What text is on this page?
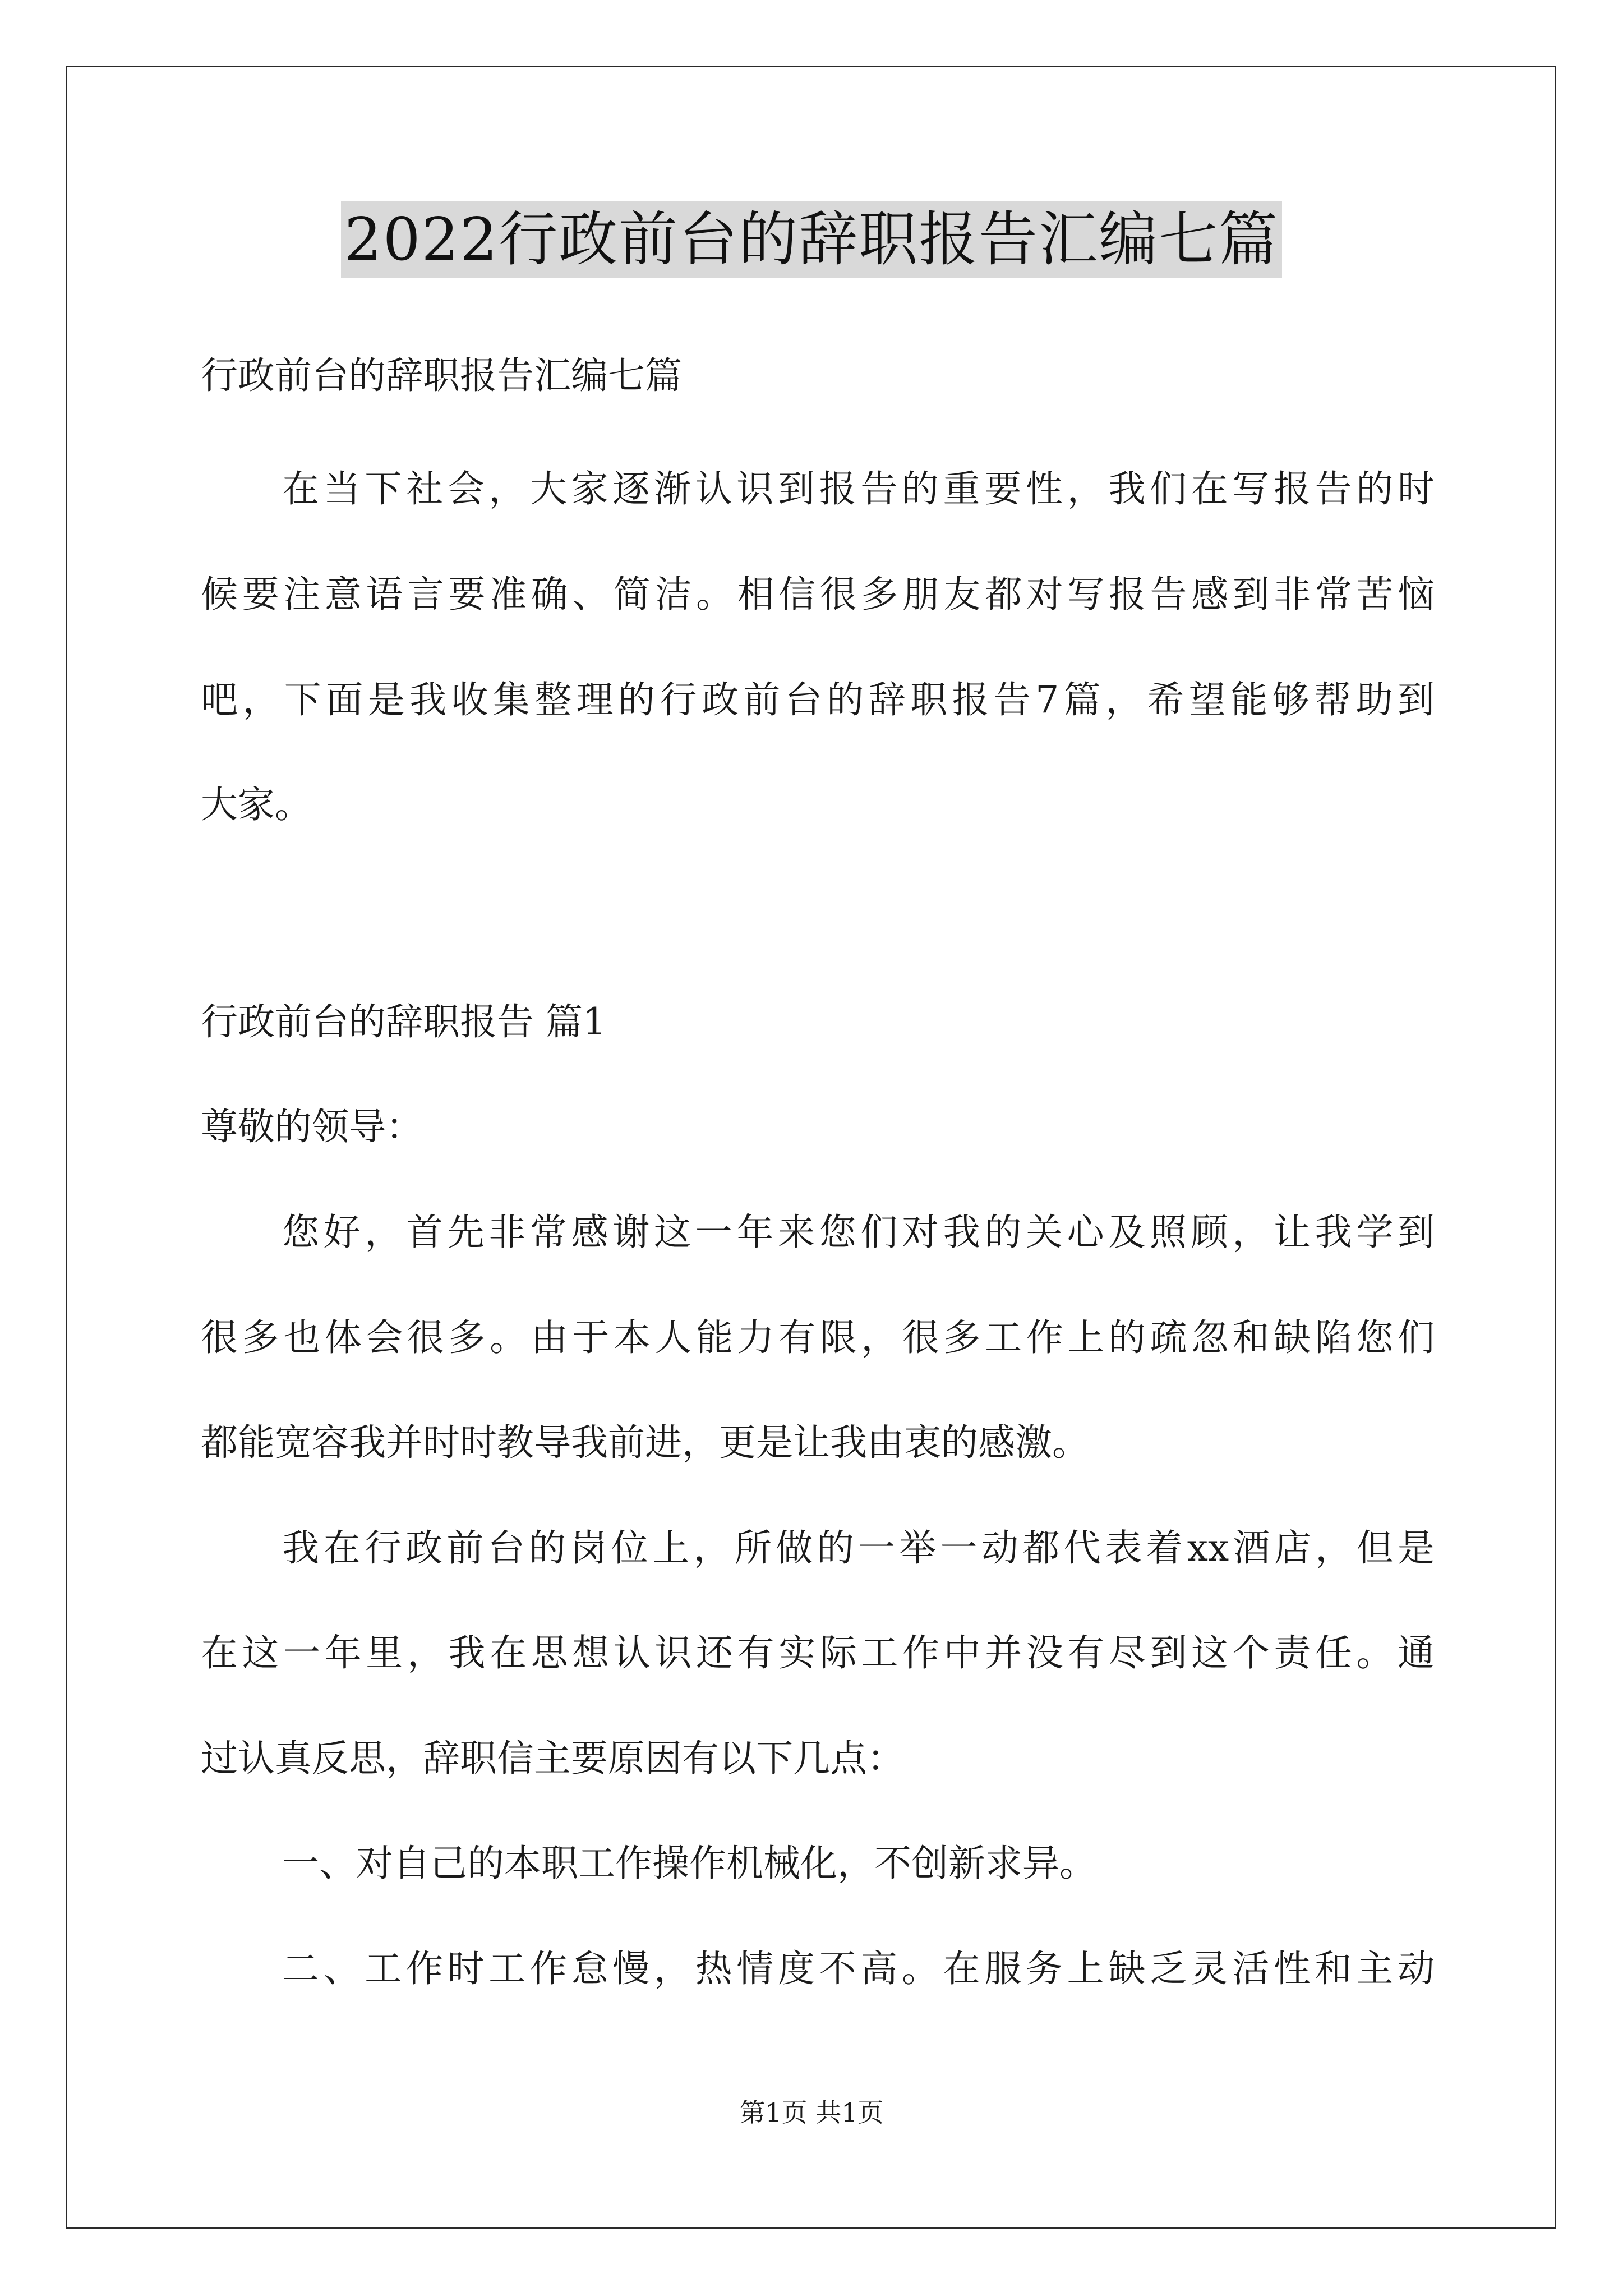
2022行政前台的辞职报告汇编七篇
行政前台的辞职报告汇编七篇
在当下社会，大家逐渐认识到报告的重要性，我们在写报告的时
候要注意语言要准确、简洁。相信很多朋友都对写报告感到非常苦恼
吧，下面是我收集整理的行政前台的辞职报告7篇，希望能够帮助到
大家。
行政前台的辞职报告 篇1
尊敬的领导：
您好，首先非常感谢这一年来您们对我的关心及照顾，让我学到
很多也体会很多。由于本人能力有限，很多工作上的疏忽和缺陷您们
都能宽容我并时时教导我前进，更是让我由衷的感激。
我在行政前台的岗位上，所做的一举一动都代表着xx酒店，但是
在这一年里，我在思想认识还有实际工作中并没有尽到这个责任。通
过认真反思，辞职信主要原因有以下几点：
一、对自己的本职工作操作机械化，不创新求异。
二、工作时工作怠慢，热情度不高。在服务上缺乏灵活性和主动
第1页 共1页
